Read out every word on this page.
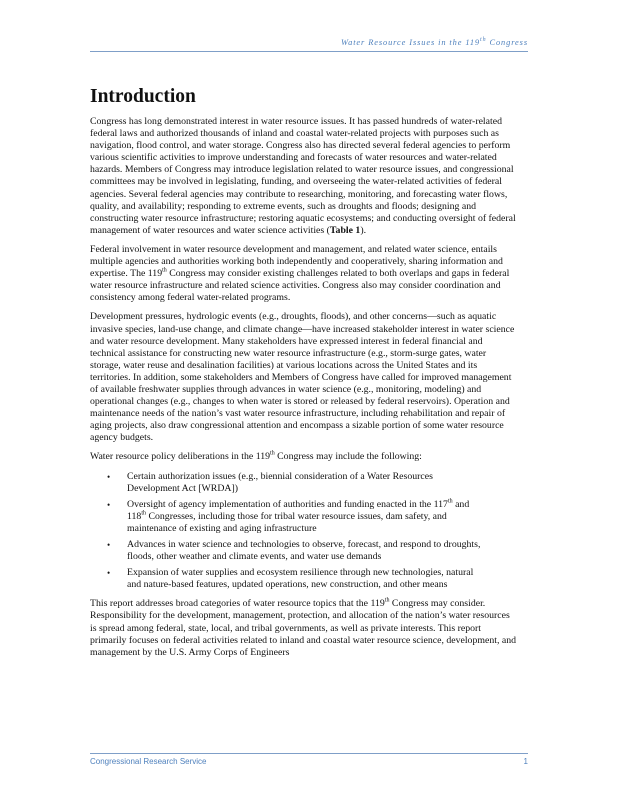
Water Resource Issues in the 119th Congress
Introduction

Congress has long demonstrated interest in water resource issues. It has passed hundreds of water-related federal laws and authorized thousands of inland and coastal water-related projects with purposes such as navigation, flood control, and water storage. Congress also has directed several federal agencies to perform various scientific activities to improve understanding and forecasts of water resources and water-related hazards. Members of Congress may introduce legislation related to water resource issues, and congressional committees may be involved in legislating, funding, and overseeing the water-related activities of federal agencies. Several federal agencies may contribute to researching, monitoring, and forecasting water flows, quality, and availability; responding to extreme events, such as droughts and floods; designing and constructing water resource infrastructure; restoring aquatic ecosystems; and conducting oversight of federal management of water resources and water science activities (Table 1).

Federal involvement in water resource development and management, and related water science, entails multiple agencies and authorities working both independently and cooperatively, sharing information and expertise. The 119th Congress may consider existing challenges related to both overlaps and gaps in federal water resource infrastructure and related science activities. Congress also may consider coordination and consistency among federal water-related programs.

Development pressures, hydrologic events (e.g., droughts, floods), and other concerns—such as aquatic invasive species, land-use change, and climate change—have increased stakeholder interest in water science and water resource development. Many stakeholders have expressed interest in federal financial and technical assistance for constructing new water resource infrastructure (e.g., storm-surge gates, water storage, water reuse and desalination facilities) at various locations across the United States and its territories. In addition, some stakeholders and Members of Congress have called for improved management of available freshwater supplies through advances in water science (e.g., monitoring, modeling) and operational changes (e.g., changes to when water is stored or released by federal reservoirs). Operation and maintenance needs of the nation’s vast water resource infrastructure, including rehabilitation and repair of aging projects, also draw congressional attention and encompass a sizable portion of some water resource agency budgets.

Water resource policy deliberations in the 119th Congress may include the following:

• Certain authorization issues (e.g., biennial consideration of a Water Resources Development Act [WRDA])
• Oversight of agency implementation of authorities and funding enacted in the 117th and 118th Congresses, including those for tribal water resource issues, dam safety, and maintenance of existing and aging infrastructure
• Advances in water science and technologies to observe, forecast, and respond to droughts, floods, other weather and climate events, and water use demands
• Expansion of water supplies and ecosystem resilience through new technologies, natural and nature-based features, updated operations, new construction, and other means

This report addresses broad categories of water resource topics that the 119th Congress may consider. Responsibility for the development, management, protection, and allocation of the nation’s water resources is spread among federal, state, local, and tribal governments, as well as private interests. This report primarily focuses on federal activities related to inland and coastal water resource science, development, and management by the U.S. Army Corps of Engineers

Congressional Research Service	1
